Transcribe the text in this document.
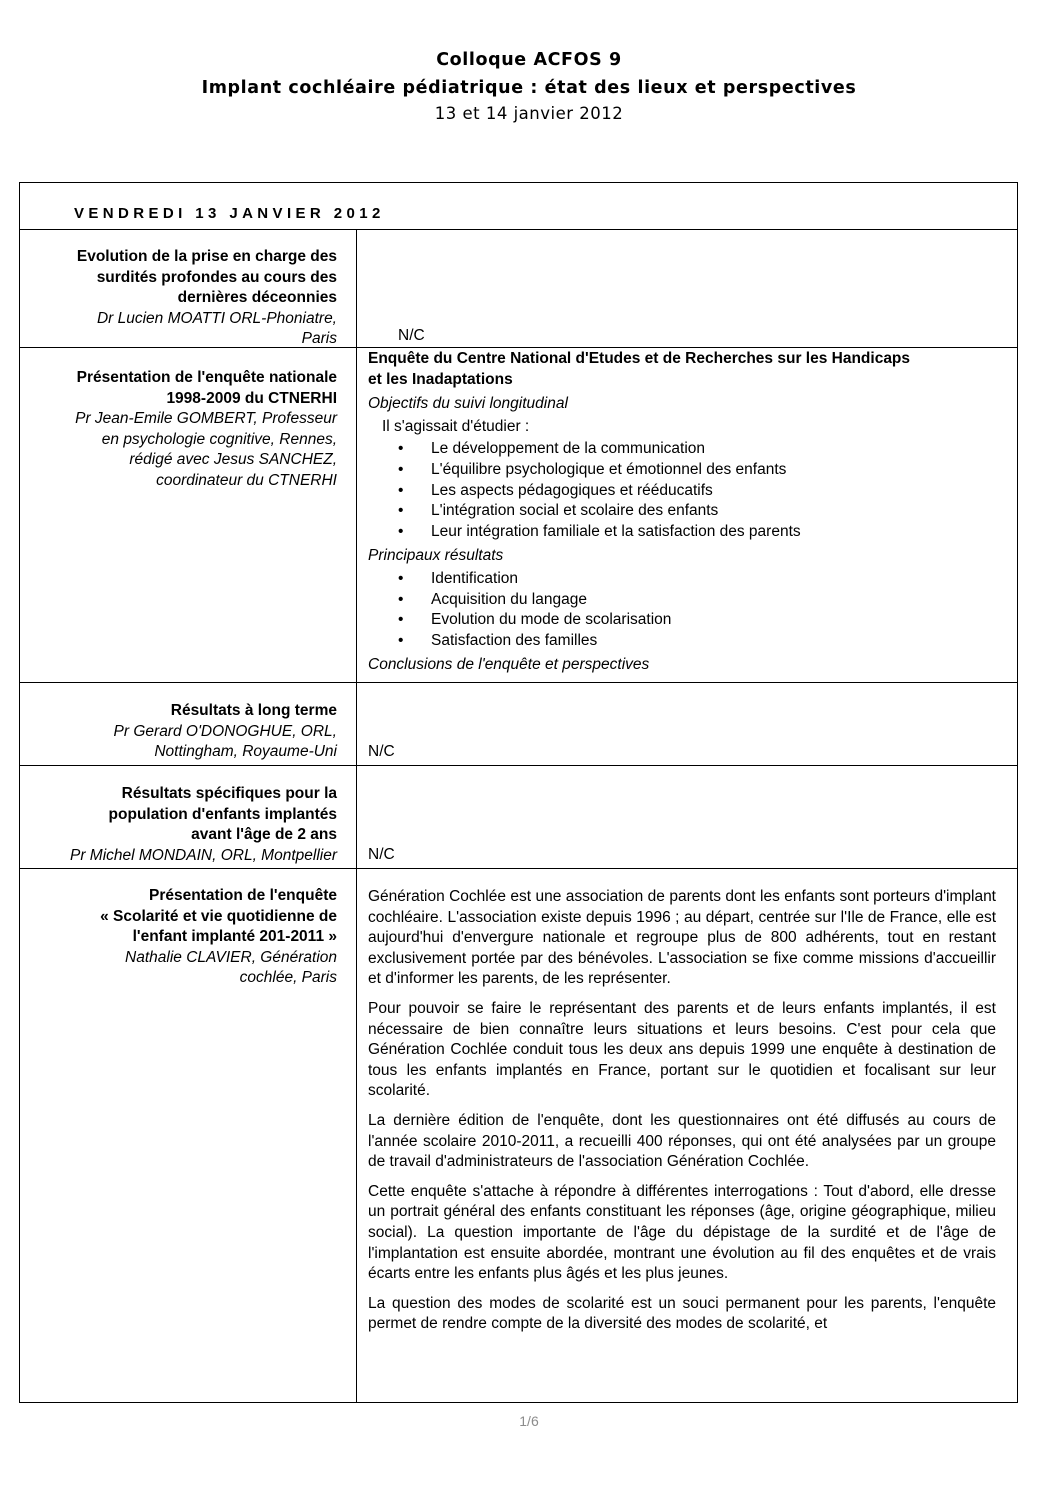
Colloque ACFOS 9
Implant cochléaire pédiatrique : état des lieux et perspectives
13 et 14 janvier 2012
VENDREDI 13 JANVIER 2012
Evolution de la prise en charge des
surdités profondes au cours des
dernières déceonnies
Dr Lucien MOATTI ORL-Phoniatre,
Paris	N/C
Présentation de l'enquête nationale
1998-2009 du CTNERHI
Pr Jean-Emile GOMBERT, Professeur
en psychologie cognitive, Rennes,
rédigé avec Jesus SANCHEZ,
coordinateur du CTNERHI
Enquête du Centre National d'Etudes et de Recherches sur les Handicaps
et les Inadaptations
Objectifs du suivi longitudinal
Il s'agissait d'étudier :
• Le développement de la communication
• L'équilibre psychologique et émotionnel des enfants
• Les aspects pédagogiques et rééducatifs
• L'intégration social et scolaire des enfants
• Leur intégration familiale et la satisfaction des parents
Principaux résultats
• Identification
• Acquisition du langage
• Evolution du mode de scolarisation
• Satisfaction des familles
Conclusions de l'enquête et perspectives
Résultats à long terme
Pr Gerard O'DONOGHUE, ORL,
Nottingham, Royaume-Uni N/C
Résultats spécifiques pour la
population d'enfants implantés
avant l'âge de 2 ans
Pr Michel MONDAIN, ORL, Montpellier N/C
Présentation de l'enquête
« Scolarité et vie quotidienne de
l'enfant implanté 201-2011 »
Nathalie CLAVIER, Génération
cochlée, Paris

Génération Cochlée est une association de parents dont les enfants sont porteurs d'implant cochléaire. L'association existe depuis 1996 ; au départ, centrée sur l'Ile de France, elle est aujourd'hui d'envergure nationale et regroupe plus de 800 adhérents, tout en restant exclusivement portée par des bénévoles. L'association se fixe comme missions d'accueillir et d'informer les parents, de les représenter.

Pour pouvoir se faire le représentant des parents et de leurs enfants implantés, il est nécessaire de bien connaître leurs situations et leurs besoins. C'est pour cela que Génération Cochlée conduit tous les deux ans depuis 1999 une enquête à destination de tous les enfants implantés en France, portant sur le quotidien et focalisant sur leur scolarité.

La dernière édition de l'enquête, dont les questionnaires ont été diffusés au cours de l'année scolaire 2010-2011, a recueilli 400 réponses, qui ont été analysées par un groupe de travail d'administrateurs de l'association Génération Cochlée.

Cette enquête s'attache à répondre à différentes interrogations : Tout d'abord, elle dresse un portrait général des enfants constituant les réponses (âge, origine géographique, milieu social). La question importante de l'âge du dépistage de la surdité et de l'âge de l'implantation est ensuite abordée, montrant une évolution au fil des enquêtes et de vrais écarts entre les enfants plus âgés et les plus jeunes.

La question des modes de scolarité est un souci permanent pour les parents, l'enquête permet de rendre compte de la diversité des modes de scolarité, et

1/6
